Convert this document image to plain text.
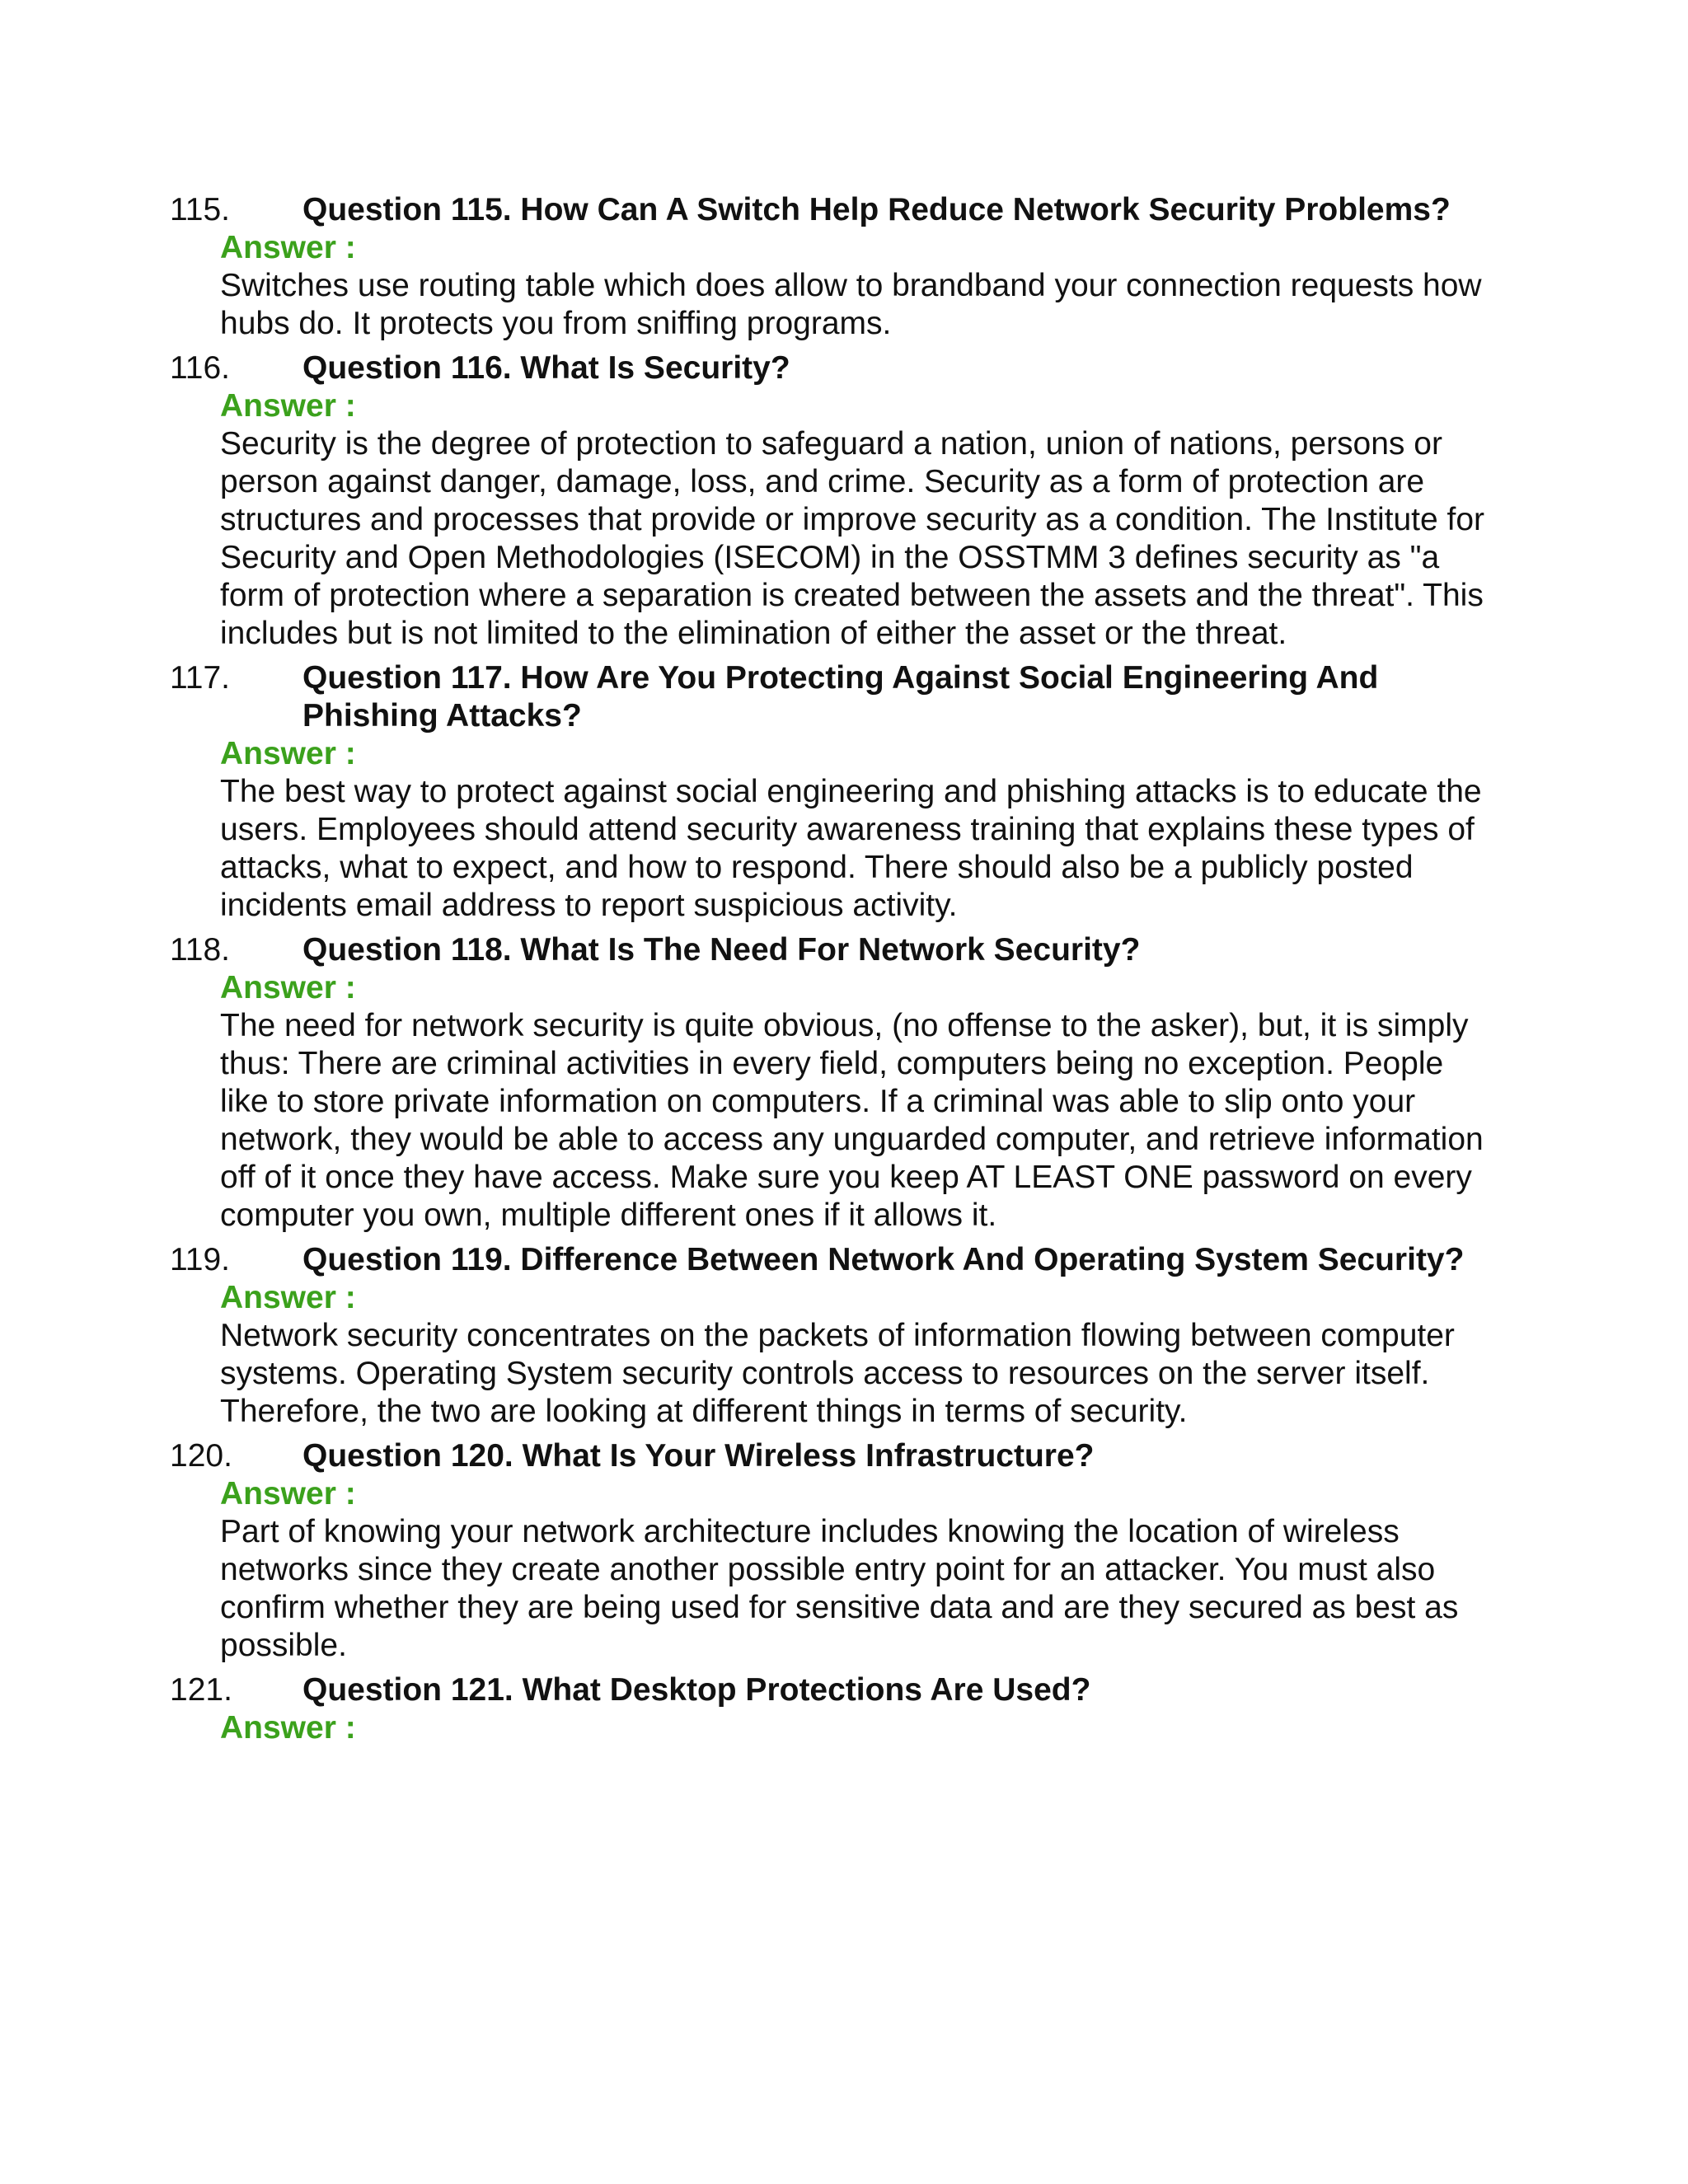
115. Question 115. How Can A Switch Help Reduce Network Security Problems?
Answer :
Switches use routing table which does allow to brandband your connection requests how hubs do. It protects you from sniffing programs.
116. Question 116. What Is Security?
Answer :
Security is the degree of protection to safeguard a nation, union of nations, persons or person against danger, damage, loss, and crime. Security as a form of protection are structures and processes that provide or improve security as a condition. The Institute for Security and Open Methodologies (ISECOM) in the OSSTMM 3 defines security as "a form of protection where a separation is created between the assets and the threat". This includes but is not limited to the elimination of either the asset or the threat.
117. Question 117. How Are You Protecting Against Social Engineering And Phishing Attacks?
Answer :
The best way to protect against social engineering and phishing attacks is to educate the users. Employees should attend security awareness training that explains these types of attacks, what to expect, and how to respond. There should also be a publicly posted incidents email address to report suspicious activity.
118. Question 118. What Is The Need For Network Security?
Answer :
The need for network security is quite obvious, (no offense to the asker), but, it is simply thus: There are criminal activities in every field, computers being no exception. People like to store private information on computers. If a criminal was able to slip onto your network, they would be able to access any unguarded computer, and retrieve information off of it once they have access. Make sure you keep AT LEAST ONE password on every computer you own, multiple different ones if it allows it.
119. Question 119. Difference Between Network And Operating System Security?
Answer :
Network security concentrates on the packets of information flowing between computer systems. Operating System security controls access to resources on the server itself. Therefore, the two are looking at different things in terms of security.
120. Question 120. What Is Your Wireless Infrastructure?
Answer :
Part of knowing your network architecture includes knowing the location of wireless networks since they create another possible entry point for an attacker. You must also confirm whether they are being used for sensitive data and are they secured as best as possible.
121. Question 121. What Desktop Protections Are Used?
Answer :
